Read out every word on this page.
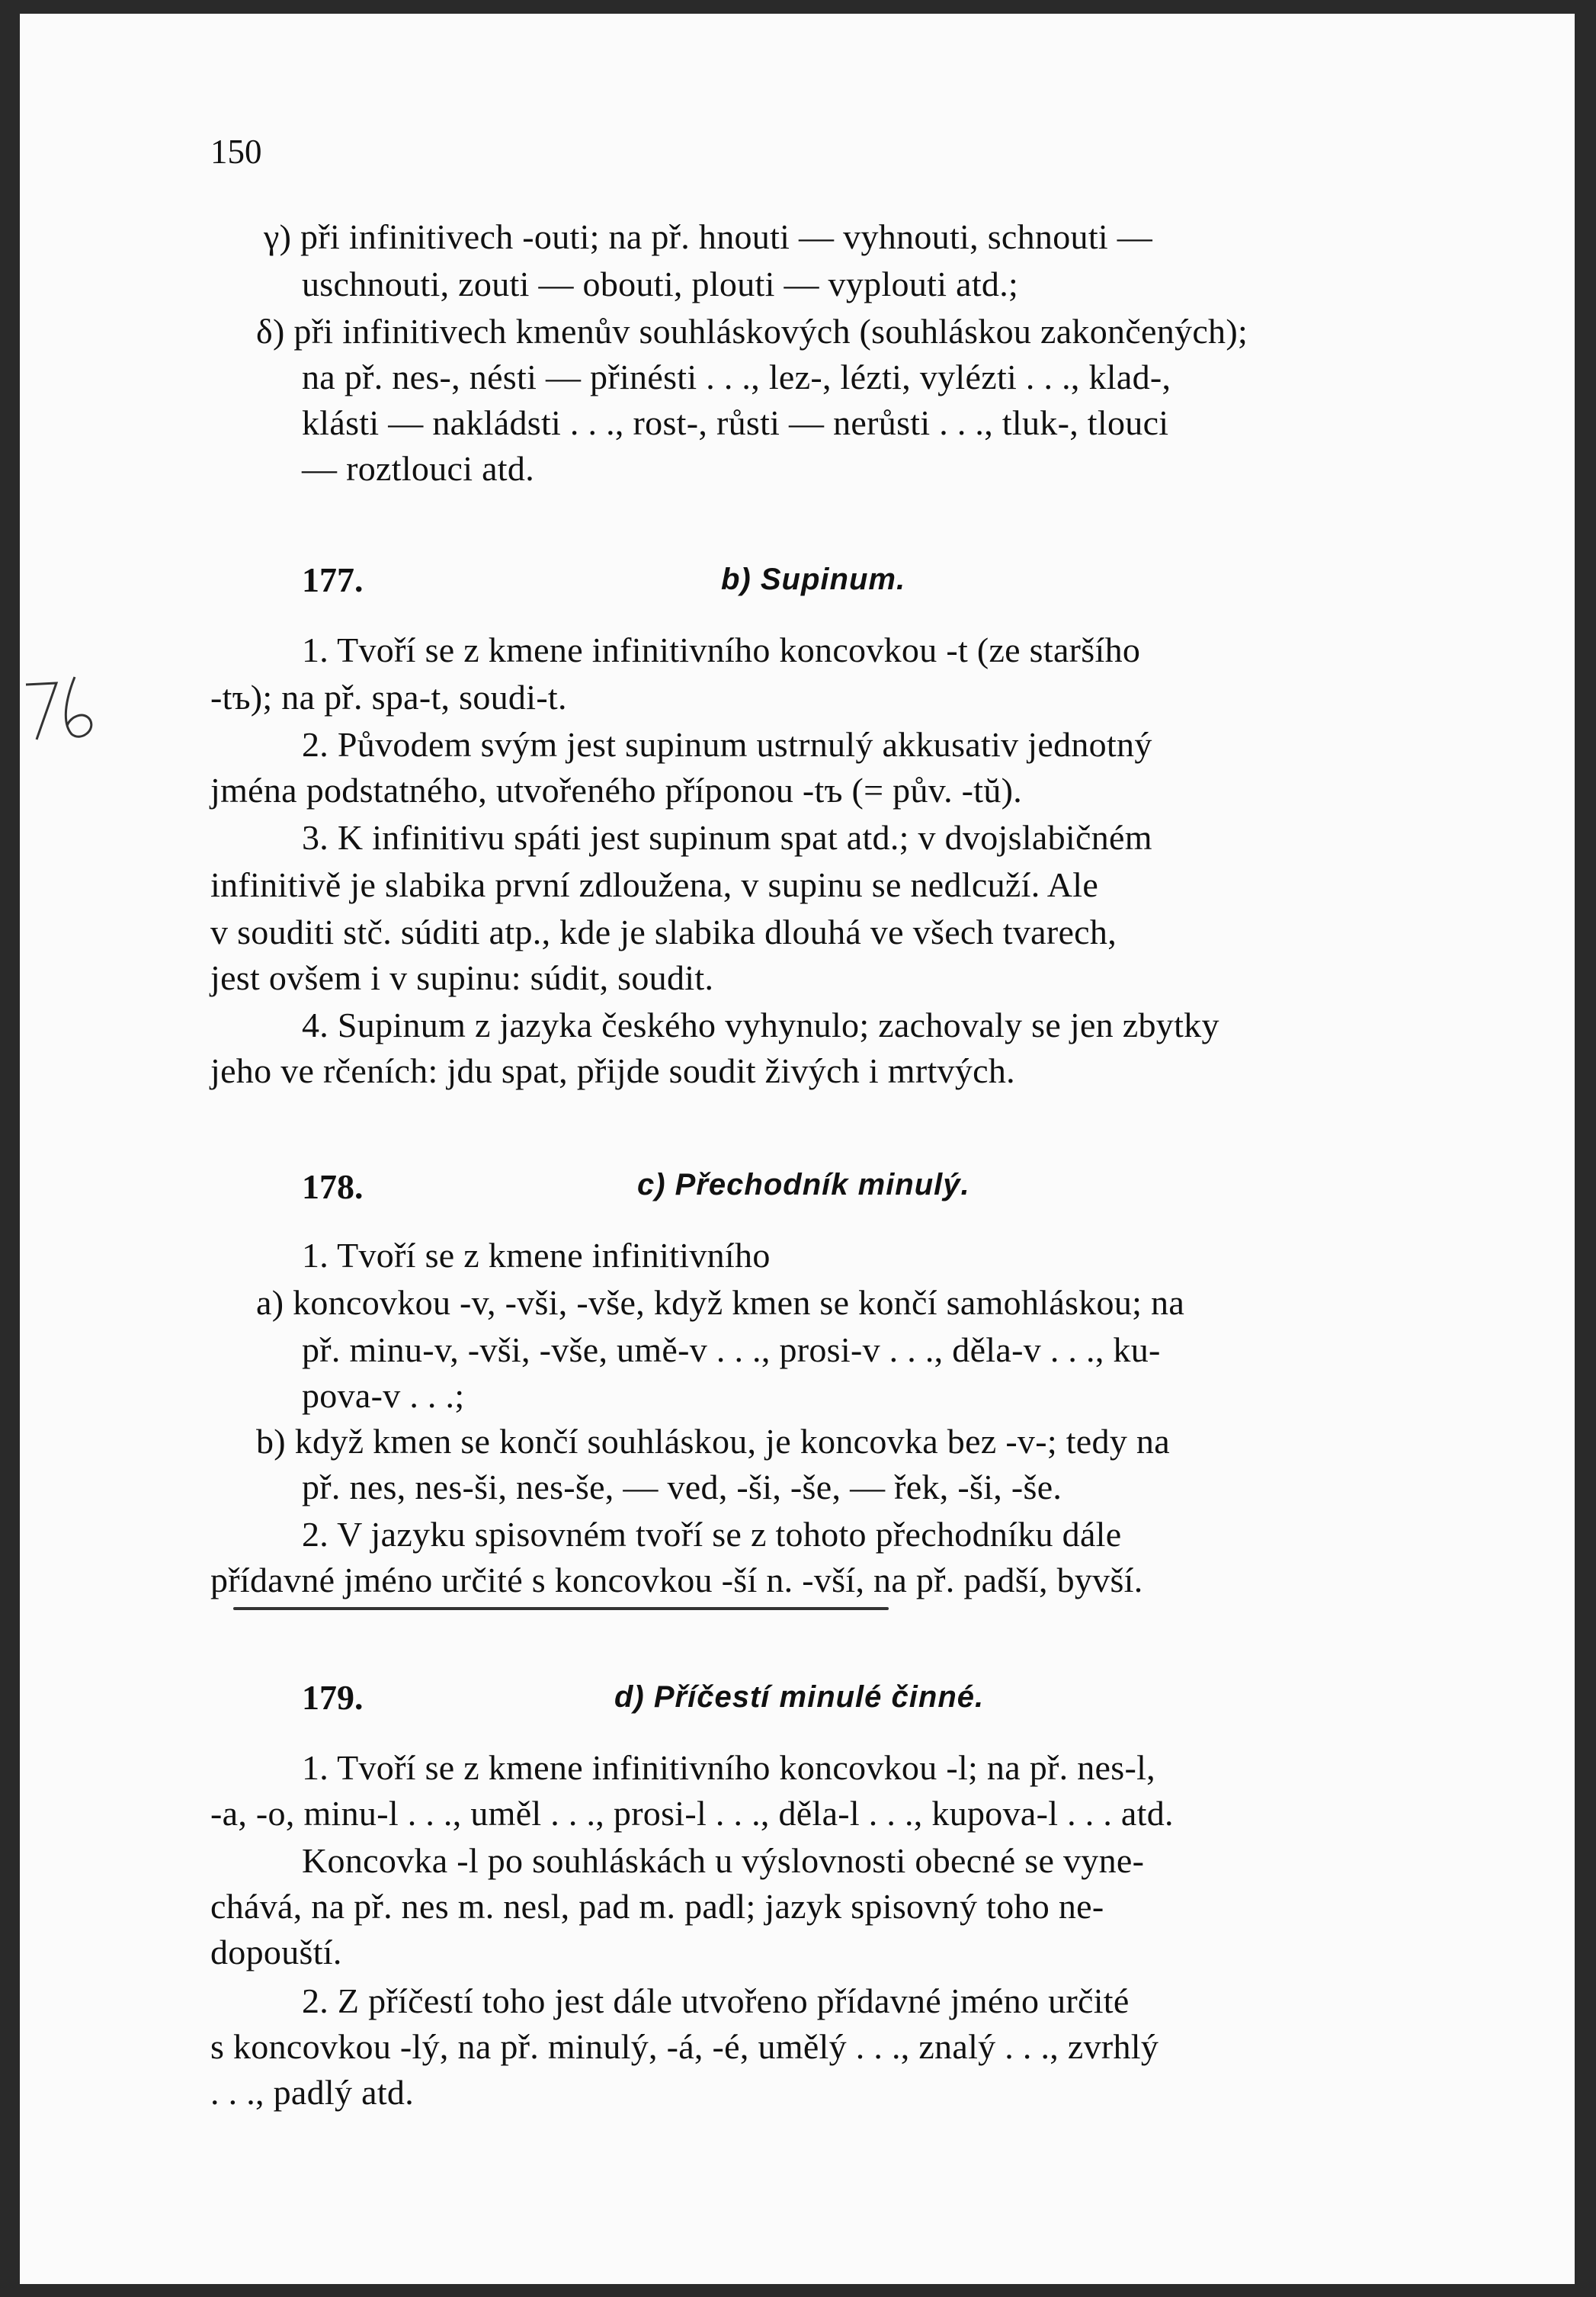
150
γ) při infinitivech -outi; na př. hnouti — vyhnouti, schnouti —
uschnouti, zouti — obouti, plouti — vyplouti atd.;
δ) při infinitivech kmenův souhláskových (souhláskou zakončených);
na př. nes-, nésti — přinésti . . ., lez-, lézti, vylézti . . ., klad-,
klásti — nakládsti . . ., rost-, růsti — nerůsti . . ., tluk-, tlouci
— roztlouci atd.
177.	b) Supinum.
1. Tvoří se z kmene infinitivního koncovkou -t (ze staršího
-tъ); na př. spa-t, soudi-t.
2. Původem svým jest supinum ustrnulý akkusativ jednotný
jména podstatného, utvořeného příponou -tъ (= pův. -tŭ).
3. K infinitivu spáti jest supinum spat atd.; v dvojslabičném
infinitivě je slabika první zdloužena, v supinu se nedlcuží. Ale
v souditi stč. súditi atp., kde je slabika dlouhá ve všech tvarech,
jest ovšem i v supinu: súdit, soudit.
4. Supinum z jazyka českého vyhynulo; zachovaly se jen zbytky
jeho ve rčeních: jdu spat, přijde soudit živých i mrtvých.
178.	c) Přechodník minulý.
1. Tvoří se z kmene infinitivního
a) koncovkou -v, -vši, -vše, když kmen se končí samohláskou; na
př. minu-v, -vši, -vše, umě-v . . ., prosi-v . . ., děla-v . . ., ku-
pova-v . . .;
b) když kmen se končí souhláskou, je koncovka bez -v-; tedy na
př. nes, nes-ši, nes-še, — ved, -ši, -še, — řek, -ši, -še.
2. V jazyku spisovném tvoří se z tohoto přechodníku dále
přídavné jméno určité s koncovkou -ší n. -vší, na př. padší, byvší.
179.	d) Příčestí minulé činné.
1. Tvoří se z kmene infinitivního koncovkou -l; na př. nes-l,
-a, -o, minu-l . . ., uměl . . ., prosi-l . . ., děla-l . . ., kupova-l . . . atd.
Koncovka -l po souhláskách u výslovnosti obecné se vyne-
chává, na př. nes m. nesl, pad m. padl; jazyk spisovný toho ne-
dopouští.
2. Z příčestí toho jest dále utvořeno přídavné jméno určité
s koncovkou -lý, na př. minulý, -á, -é, umělý . . ., znalý . . ., zvrhlý
. . ., padlý atd.
